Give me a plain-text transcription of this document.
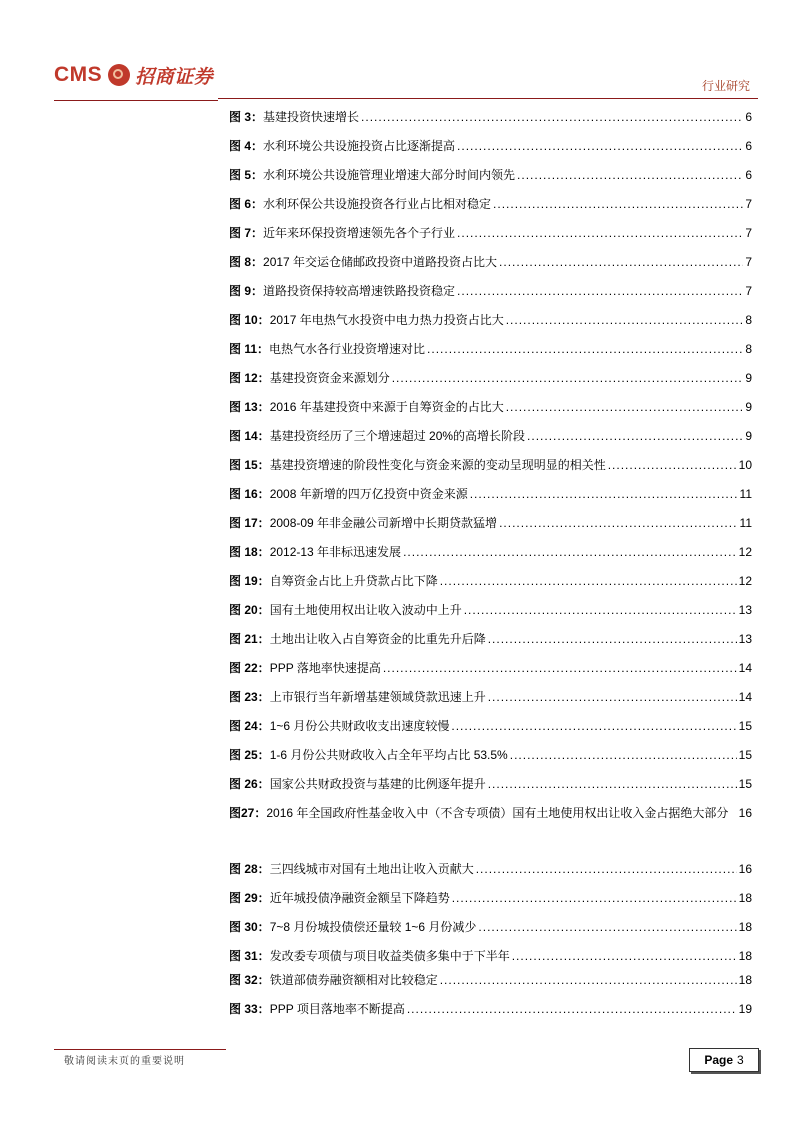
CMS 招商证券	行业研究
图 3： 基建投资快速增长 .....	6
图 4： 水利环境公共设施投资占比逐渐提高 .....	6
图 5： 水利环境公共设施管理业增速大部分时间内领先 .....	6
图 6： 水利环保公共设施投资各行业占比相对稳定 .....	7
图 7： 近年来环保投资增速领先各个子行业 .....	7
图 8： 2017 年交运仓储邮政投资中道路投资占比大 .....	7
图 9： 道路投资保持较高增速铁路投资稳定 .....	7
图 10： 2017 年电热气水投资中电力热力投资占比大 .....	8
图 11： 电热气水各行业投资增速对比 .....	8
图 12： 基建投资资金来源划分 .....	9
图 13： 2016 年基建投资中来源于自筹资金的占比大 .....	9
图 14： 基建投资经历了三个增速超过 20%的高增长阶段 .....	9
图 15： 基建投资增速的阶段性变化与资金来源的变动呈现明显的相关性 .....	10
图 16： 2008 年新增的四万亿投资中资金来源 .....	11
图 17： 2008-09 年非金融公司新增中长期贷款猛增 .....	11
图 18： 2012-13 年非标迅速发展 .....	12
图 19： 自筹资金占比上升贷款占比下降 .....	12
图 20： 国有土地使用权出让收入波动中上升 .....	13
图 21： 土地出让收入占自筹资金的比重先升后降 .....	13
图 22： PPP 落地率快速提高 .....	14
图 23： 上市银行当年新增基建领域贷款迅速上升 .....	14
图 24： 1~6 月份公共财政收支出速度较慢 .....	15
图 25： 1-6 月份公共财政收入占全年平均占比 53.5% .....	15
图 26： 国家公共财政投资与基建的比例逐年提升 .....	15
图27：2016 年全国政府性基金收入中（不含专项债）国有土地使用权出让收入金占据绝大部分 16
图 28： 三四线城市对国有土地出让收入贡献大 .....	16
图 29： 近年城投债净融资金额呈下降趋势 .....	18
图 30： 7~8 月份城投债偿还量较 1~6 月份减少 .....	18
图 31： 发改委专项债与项目收益类债多集中于下半年 .....	18
图 32： 铁道部债券融资额相对比较稳定 .....	18
图 33： PPP 项目落地率不断提高 .....	19
敬请阅读末页的重要说明	Page 3
